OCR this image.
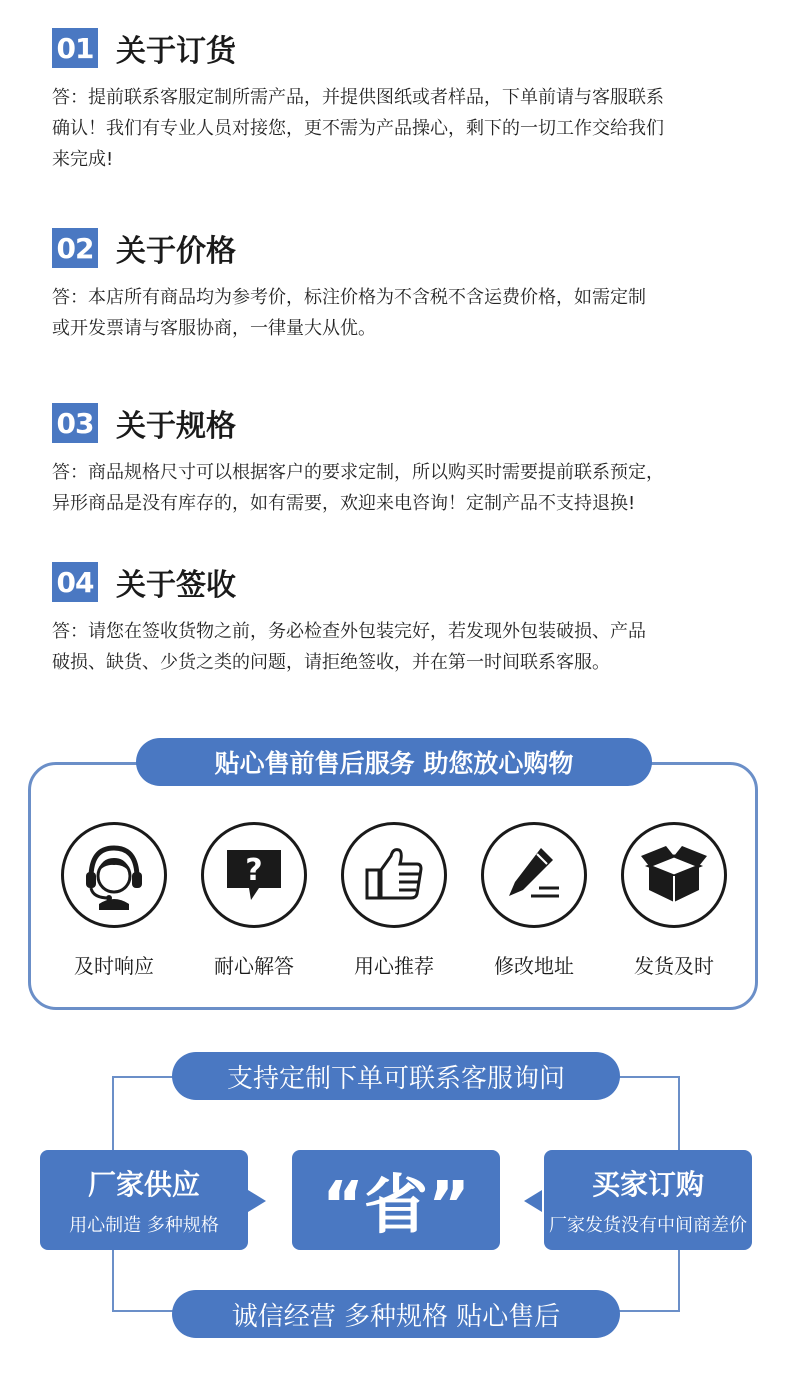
01 关于订货
答：提前联系客服定制所需产品，并提供图纸或者样品，下单前请与客服联系
确认！我们有专业人员对接您，更不需为产品操心，剩下的一切工作交给我们
来完成!
02 关于价格
答：本店所有商品均为参考价，标注价格为不含税不含运费价格，如需定制
或开发票请与客服协商，一律量大从优。
03 关于规格
答：商品规格尺寸可以根据客户的要求定制，所以购买时需要提前联系预定，
异形商品是没有库存的，如有需要，欢迎来电咨询！定制产品不支持退换!
04 关于签收
答：请您在签收货物之前，务必检查外包装完好，若发现外包装破损、产品
破损、缺货、少货之类的问题，请拒绝签收，并在第一时间联系客服。
贴心售前售后服务 助您放心购物
及时响应
?
耐心解答	用心推荐	修改地址	发货及时
支持定制下单可联系客服询问
诚信经营 多种规格 贴心售后
厂家供应
用心制造 多种规格	“省”	买家订购
厂家发货没有中间商差价
